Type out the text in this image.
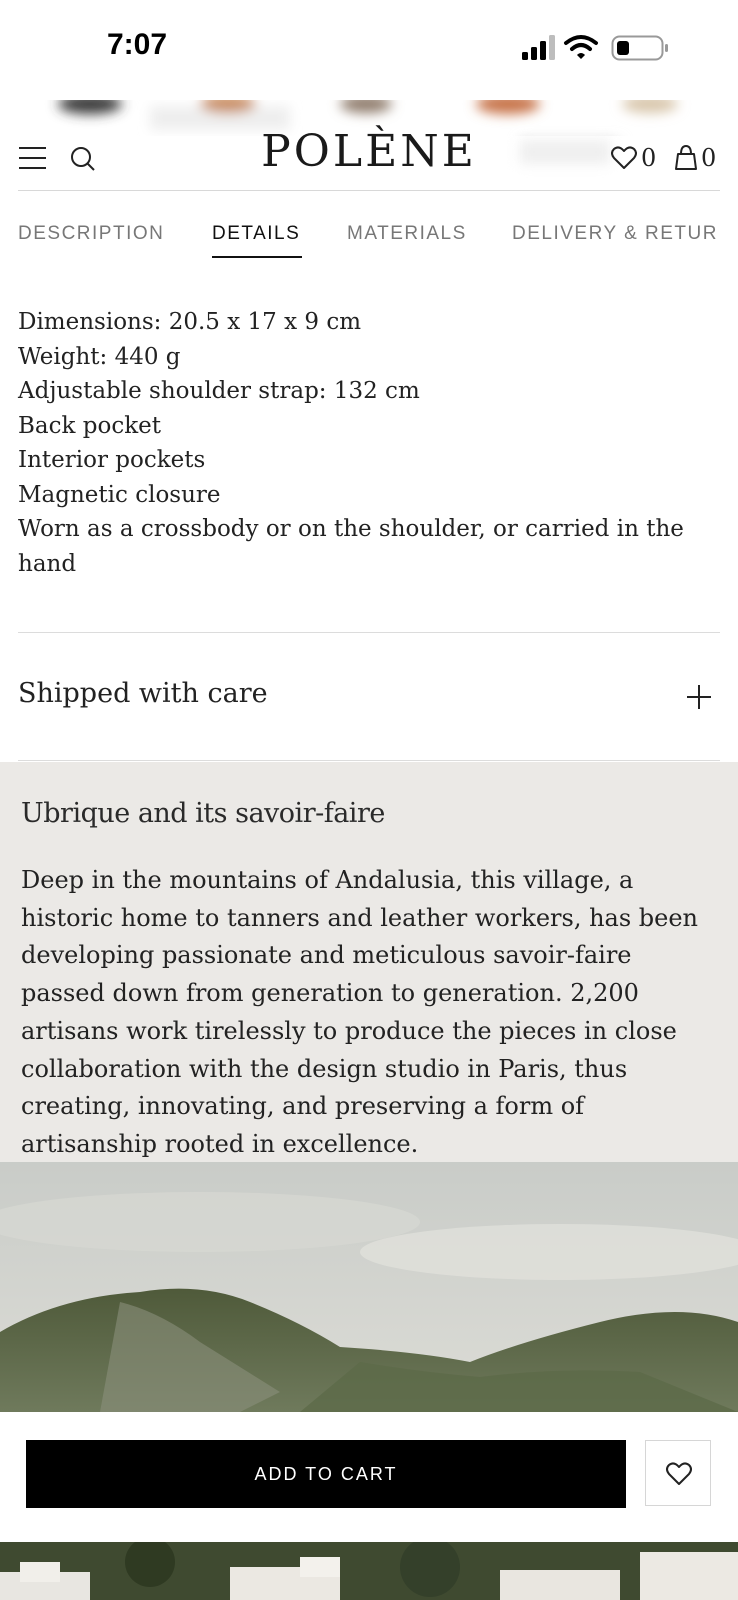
7:07
POLÈNE	0 0
DESCRIPTION	DETAILS MATERIALS DELIVERY & RETUR
Dimensions: 20.5 x 17 x 9 cm
Weight: 440 g
Adjustable shoulder strap: 132 cm
Back pocket
Interior pockets
Magnetic closure
Worn as a crossbody or on the shoulder, or carried in the hand
Shipped with care
Ubrique and its savoir-faire

Deep in the mountains of Andalusia, this village, a historic home to tanners and leather workers, has been developing passionate and meticulous savoir-faire passed down from generation to generation. 2,200 artisans work tirelessly to produce the pieces in close collaboration with the design studio in Paris, thus creating, innovating, and preserving a form of artisanship rooted in excellence.

ADD TO CART
